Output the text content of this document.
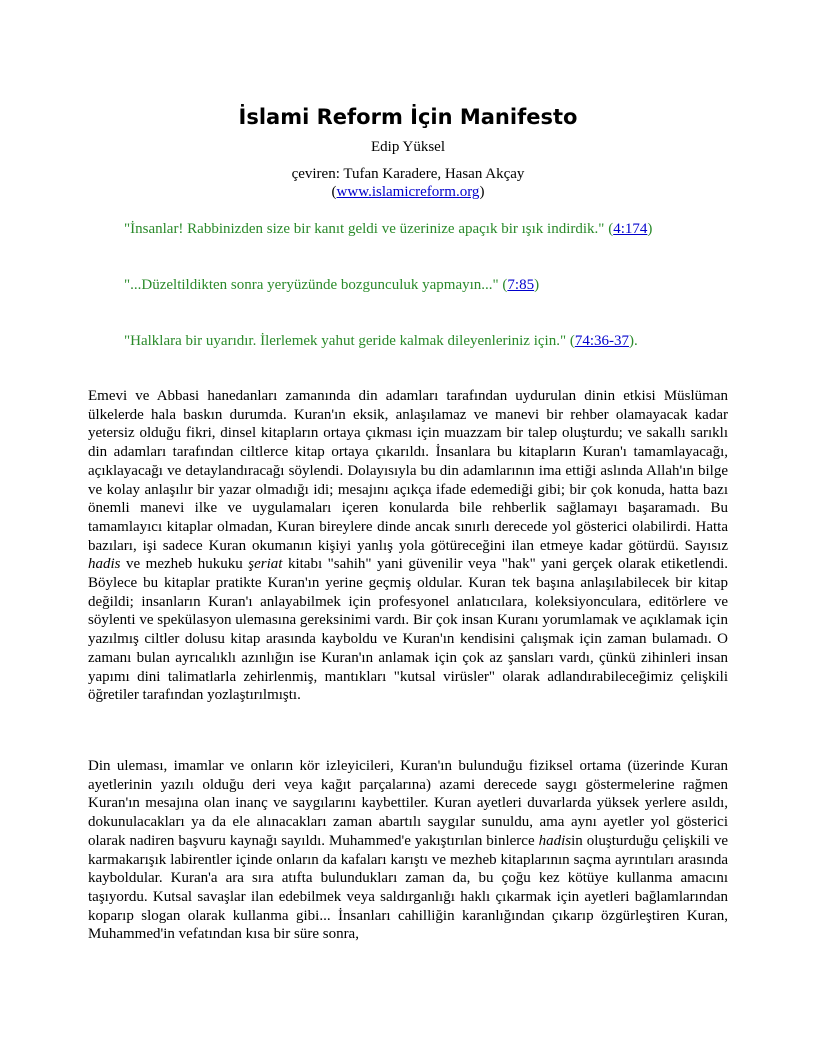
İslami Reform İçin Manifesto
Edip Yüksel
çeviren: Tufan Karadere, Hasan Akçay
(www.islamicreform.org)
"İnsanlar! Rabbinizden size bir kanıt geldi ve üzerinize apaçık bir ışık indirdik." (4:174)
"...Düzeltildikten sonra yeryüzünde bozgunculuk yapmayın..." (7:85)
"Halklara bir uyarıdır. İlerlemek yahut geride kalmak dileyenleriniz için." (74:36-37).

Emevi ve Abbasi hanedanları zamanında din adamları tarafından uydurulan dinin etkisi Müslüman ülkelerde hala baskın durumda. Kuran'ın eksik, anlaşılamaz ve manevi bir rehber olamayacak kadar yetersiz olduğu fikri, dinsel kitapların ortaya çıkması için muazzam bir talep oluşturdu; ve sakallı sarıklı din adamları tarafından ciltlerce kitap ortaya çıkarıldı. İnsanlara bu kitapların Kuran'ı tamamlayacağı, açıklayacağı ve detaylandıracağı söylendi. Dolayısıyla bu din adamlarının ima ettiği aslında Allah'ın bilge ve kolay anlaşılır bir yazar olmadığı idi; mesajını açıkça ifade edemediği gibi; bir çok konuda, hatta bazı önemli manevi ilke ve uygulamaları içeren konularda bile rehberlik sağlamayı başaramadı. Bu tamamlayıcı kitaplar olmadan, Kuran bireylere dinde ancak sınırlı derecede yol gösterici olabilirdi. Hatta bazıları, işi sadece Kuran okumanın kişiyi yanlış yola götüreceğini ilan etmeye kadar götürdü. Sayısız hadis ve mezheb hukuku şeriat kitabı "sahih" yani güvenilir veya "hak" yani gerçek olarak etiketlendi. Böylece bu kitaplar pratikte Kuran'ın yerine geçmiş oldular. Kuran tek başına anlaşılabilecek bir kitap değildi; insanların Kuran'ı anlayabilmek için profesyonel anlatıcılara, koleksiyonculara, editörlere ve söylenti ve spekülasyon ulemasına gereksinimi vardı. Bir çok insan Kuranı yorumlamak ve açıklamak için yazılmış ciltler dolusu kitap arasında kayboldu ve Kuran'ın kendisini çalışmak için zaman bulamadı. O zamanı bulan ayrıcalıklı azınlığın ise Kuran'ın anlamak için çok az şansları vardı, çünkü zihinleri insan yapımı dini talimatlarla zehirlenmiş, mantıkları "kutsal virüsler" olarak adlandırabileceğimiz çelişkili öğretiler tarafından yozlaştırılmıştı.

Din uleması, imamlar ve onların kör izleyicileri, Kuran'ın bulunduğu fiziksel ortama (üzerinde Kuran ayetlerinin yazılı olduğu deri veya kağıt parçalarına) azami derecede saygı göstermelerine rağmen Kuran'ın mesajına olan inanç ve saygılarını kaybettiler. Kuran ayetleri duvarlarda yüksek yerlere asıldı, dokunulacakları ya da ele alınacakları zaman abartılı saygılar sunuldu, ama aynı ayetler yol gösterici olarak nadiren başvuru kaynağı sayıldı. Muhammed'e yakıştırılan binlerce hadisin oluşturduğu çelişkili ve karmakarışık labirentler içinde onların da kafaları karıştı ve mezheb kitaplarının saçma ayrıntıları arasında kayboldular. Kuran'a ara sıra atıfta bulundukları zaman da, bu çoğu kez kötüye kullanma amacını taşıyordu. Kutsal savaşlar ilan edebilmek veya saldırganlığı haklı çıkarmak için ayetleri bağlamlarından koparıp slogan olarak kullanma gibi... İnsanları cahilliğin karanlığından çıkarıp özgürleştiren Kuran, Muhammed'in vefatından kısa bir süre sonra,
